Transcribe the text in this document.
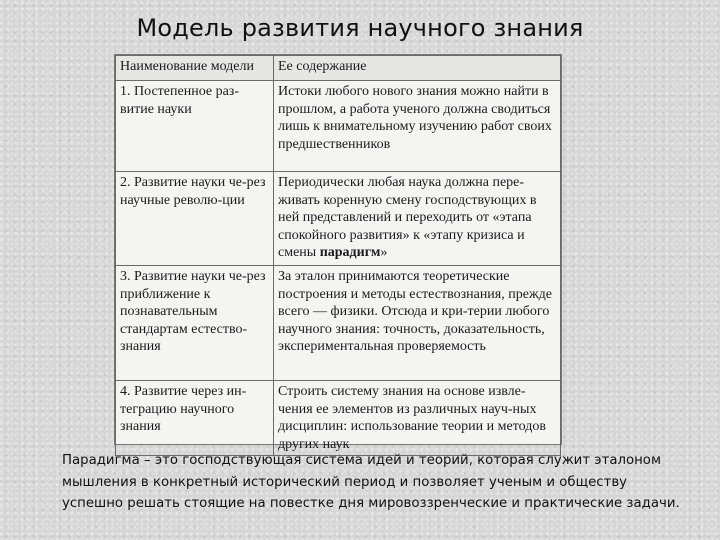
Модель развития научного знания
Наименование модели	Ее содержание
1. Постепенное раз-витие науки	Истоки любого нового знания можно найти в прошлом, а работа ученого должна сводиться лишь к внимательному изучению работ своих предшественников
2. Развитие науки че-рез научные револю-ции	Периодически любая наука должна пере-живать коренную смену господствующих в ней представлений и переходить от «этапа спокойного развития» к «этапу кризиса и смены парадигм»
3. Развитие науки че-рез приближение к познавательным стандартам естество-знания	За эталон принимаются теоретические построения и методы естествознания, прежде всего — физики. Отсюда и кри-терии любого научного знания: точность, доказательность, экспериментальная проверяемость
4. Развитие через ин-теграцию научного знания	Строить систему знания на основе извле-чения ее элементов из различных науч-ных дисциплин: использование теории и методов других наук
Парадигма – это господствующая система идей и теорий, которая служит эталоном мышления в конкретный исторический период и позволяет ученым и обществу успешно решать стоящие на повестке дня мировоззренческие и практические задачи.
